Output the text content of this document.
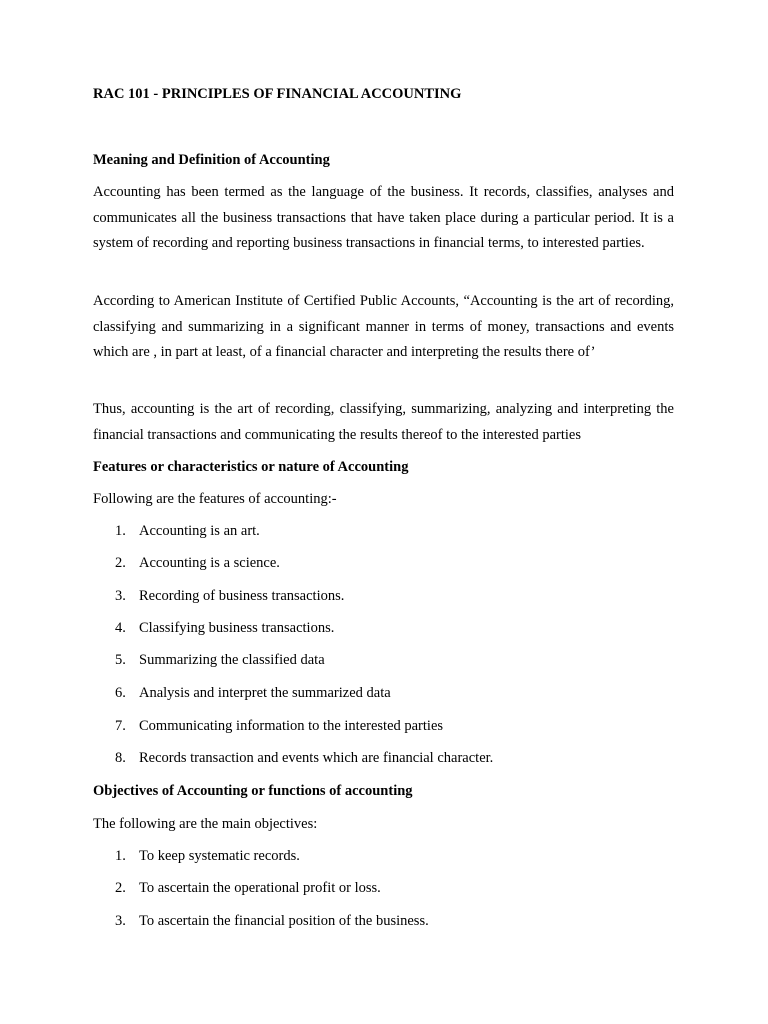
RAC 101 - PRINCIPLES OF FINANCIAL ACCOUNTING

Meaning and Definition of Accounting

Accounting has been termed as the language of the business. It records, classifies, analyses and communicates all the business transactions that have taken place during a particular period. It is a system of recording and reporting business transactions in financial terms, to interested parties.

According to American Institute of Certified Public Accounts, “Accounting is the art of recording, classifying and summarizing in a significant manner in terms of money, transactions and events which are , in part at least, of a financial character and interpreting the results there of’

Thus, accounting is the art of recording, classifying, summarizing, analyzing and interpreting the financial transactions and communicating the results thereof to the interested parties

Features or characteristics or nature of Accounting

Following are the features of accounting:-

1. Accounting is an art.
2. Accounting is a science.
3. Recording of business transactions.
4. Classifying business transactions.
5. Summarizing the classified data
6. Analysis and interpret the summarized data
7. Communicating information to the interested parties
8. Records transaction and events which are financial character.

Objectives of Accounting or functions of accounting

The following are the main objectives:

1. To keep systematic records.
2. To ascertain the operational profit or loss.
3. To ascertain the financial position of the business.
